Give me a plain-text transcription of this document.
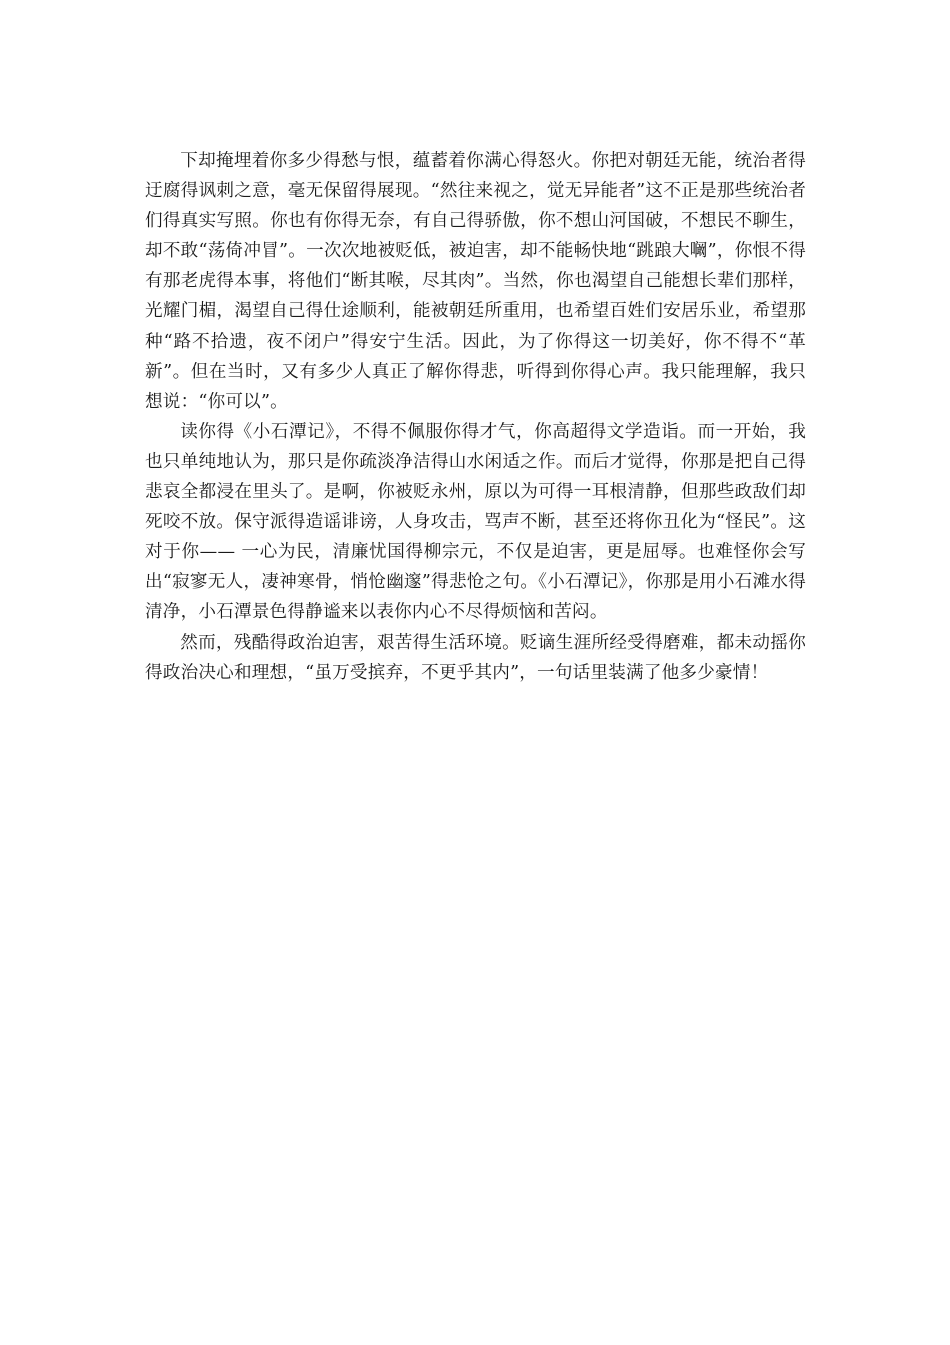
下却掩埋着你多少得愁与恨，蕴蓄着你满心得怒火。你把对朝廷无能，统治者得迂腐得讽刺之意，毫无保留得展现。“然往来视之，觉无异能者”这不正是那些统治者们得真实写照。你也有你得无奈，有自己得骄傲，你不想山河国破，不想民不聊生，却不敢“荡倚冲冒”。一次次地被贬低，被迫害，却不能畅快地“跳踉大㘎”，你恨不得有那老虎得本事，将他们“断其喉，尽其肉”。当然，你也渴望自己能想长辈们那样，光耀门楣，渴望自己得仕途顺利，能被朝廷所重用，也希望百姓们安居乐业，希望那种“路不拾遗，夜不闭户”得安宁生活。因此，为了你得这一切美好，你不得不“革新”。但在当时，又有多少人真正了解你得悲，听得到你得心声。我只能理解，我只想说：“你可以”。

读你得《小石潭记》，不得不佩服你得才气，你高超得文学造诣。而一开始，我也只单纯地认为，那只是你疏淡净洁得山水闲适之作。而后才觉得，你那是把自己得悲哀全都浸在里头了。是啊，你被贬永州，原以为可得一耳根清静，但那些政敌们却死咬不放。保守派得造谣诽谤，人身攻击，骂声不断，甚至还将你丑化为“怪民”。这对于你—— 一心为民，清廉忧国得柳宗元，不仅是迫害，更是屈辱。也难怪你会写出“寂寥无人，凄神寒骨，悄怆幽邃”得悲怆之句。《小石潭记》，你那是用小石滩水得清净，小石潭景色得静谧来以表你内心不尽得烦恼和苦闷。

然而，残酷得政治迫害，艰苦得生活环境。贬谪生涯所经受得磨难，都未动摇你得政治决心和理想，“虽万受摈弃，不更乎其内”，一句话里装满了他多少豪情！
